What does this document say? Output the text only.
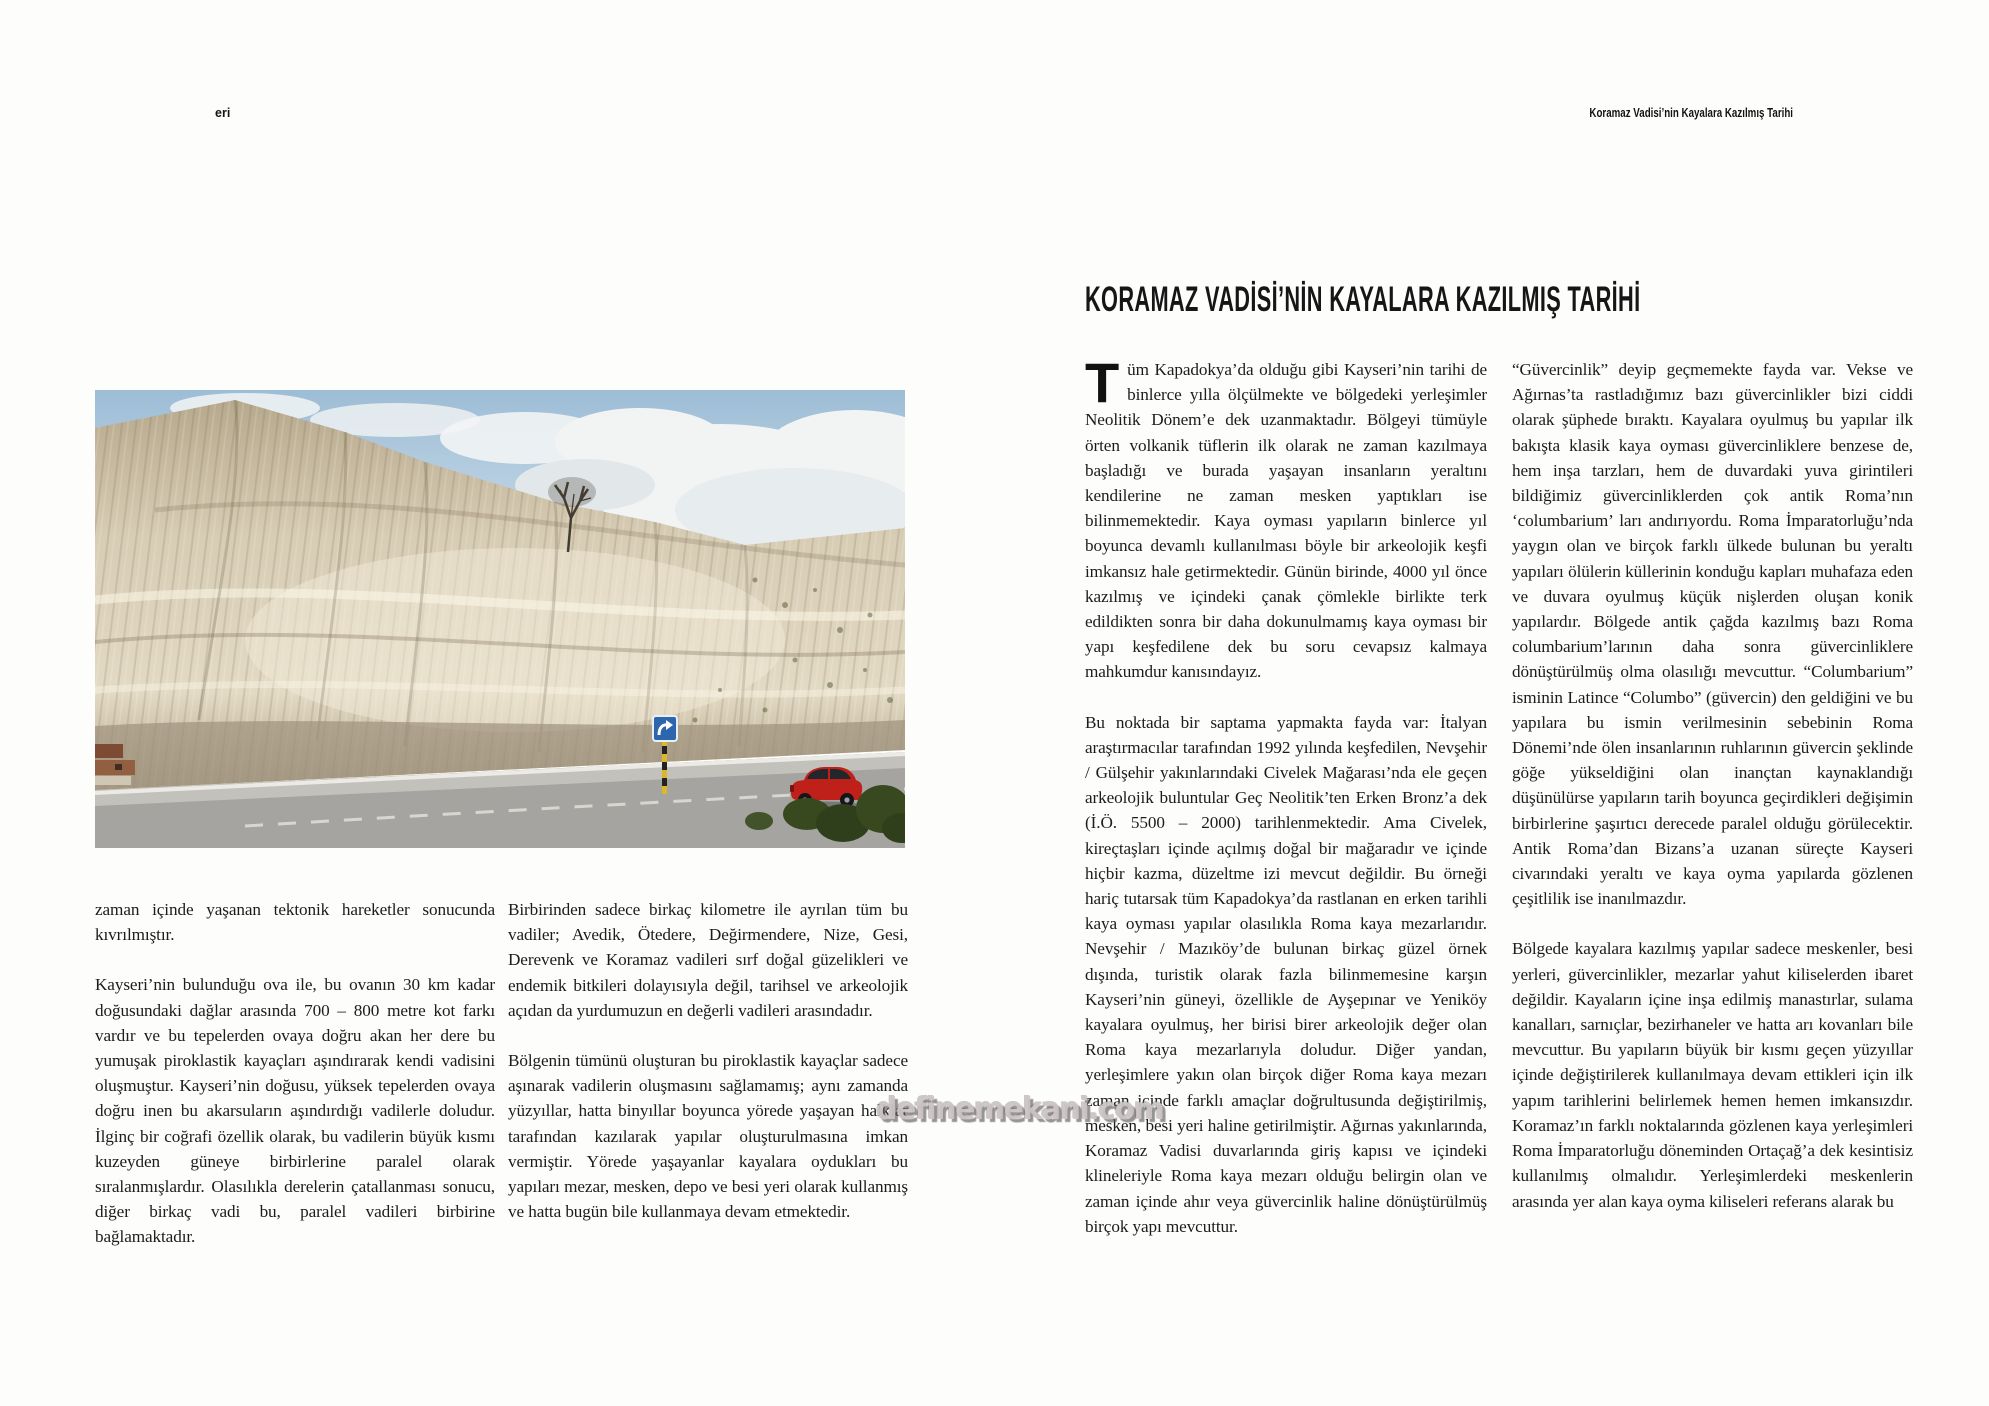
eri	Koramaz Vadisi’nin Kayalara Kazılmış Tarihi

zaman içinde yaşanan tektonik hareketler sonucunda kıvrılmıştır.

Kayseri’nin bulunduğu ova ile, bu ovanın 30 km kadar doğusundaki dağlar arasında 700 – 800 metre kot farkı vardır ve bu tepelerden ovaya doğru akan her dere bu yumuşak piroklastik kayaçları aşındırarak kendi vadisini oluşmuştur. Kayseri’nin doğusu, yüksek tepelerden ovaya doğru inen bu akarsuların aşındırdığı vadilerle doludur. İlginç bir coğrafi özellik olarak, bu vadilerin büyük kısmı kuzeyden güneye birbirlerine paralel olarak sıralanmışlardır. Olasılıkla derelerin çatallanması sonucu, diğer birkaç vadi bu, paralel vadileri birbirine bağlamaktadır.

Birbirinden sadece birkaç kilometre ile ayrılan tüm bu vadiler; Avedik, Ötedere, Değirmendere, Nize, Gesi, Derevenk ve Koramaz vadileri sırf doğal güzelikleri ve endemik bitkileri dolayısıyla değil, tarihsel ve arkeolojik açıdan da yurdumuzun en değerli vadileri arasındadır.

Bölgenin tümünü oluşturan bu piroklastik kayaçlar sadece aşınarak vadilerin oluşmasını sağlamamış; aynı zamanda yüzyıllar, hatta binyıllar boyunca yörede yaşayan halklar tarafından kazılarak yapılar oluşturulmasına imkan vermiştir. Yörede yaşayanlar kayalara oydukları bu yapıları mezar, mesken, depo ve besi yeri olarak kullanmış ve hatta bugün bile kullanmaya devam etmektedir.

KORAMAZ VADİSİ’NİN KAYALARA KAZILMIŞ TARİHİ

Tüm Kapadokya’da olduğu gibi Kayseri’nin tarihi de binlerce yılla ölçülmekte ve bölgedeki yerleşimler Neolitik Dönem’e dek uzanmaktadır. Bölgeyi tümüyle örten volkanik tüflerin ilk olarak ne zaman kazılmaya başladığı ve burada yaşayan insanların yeraltını kendilerine ne zaman mesken yaptıkları ise bilinmemektedir. Kaya oyması yapıların binlerce yıl boyunca devamlı kullanılması böyle bir arkeolojik keşfi imkansız hale getirmektedir. Günün birinde, 4000 yıl önce kazılmış ve içindeki çanak çömlekle birlikte terk edildikten sonra bir daha dokunulmamış kaya oyması bir yapı keşfedilene dek bu soru cevapsız kalmaya mahkumdur kanısındayız.

Bu noktada bir saptama yapmakta fayda var: İtalyan araştırmacılar tarafından 1992 yılında keşfedilen, Nevşehir / Gülşehir yakınlarındaki Civelek Mağarası’nda ele geçen arkeolojik buluntular Geç Neolitik’ten Erken Bronz’a dek (İ.Ö. 5500 – 2000) tarihlenmektedir. Ama Civelek, kireçtaşları içinde açılmış doğal bir mağaradır ve içinde hiçbir kazma, düzeltme izi mevcut değildir. Bu örneği hariç tutarsak tüm Kapadokya’da rastlanan en erken tarihli kaya oyması yapılar olasılıkla Roma kaya mezarlarıdır. Nevşehir / Mazıköy’de bulunan birkaç güzel örnek dışında, turistik olarak fazla bilinmemesine karşın Kayseri’nin güneyi, özellikle de Ayşepınar ve Yeniköy kayalara oyulmuş, her birisi birer arkeolojik değer olan Roma kaya mezarlarıyla doludur. Diğer yandan, yerleşimlere yakın olan birçok diğer Roma kaya mezarı zaman içinde farklı amaçlar doğrultusunda değiştirilmiş, mesken, besi yeri haline getirilmiştir. Ağırnas yakınlarında, Koramaz Vadisi duvarlarında giriş kapısı ve içindeki klineleriyle Roma kaya mezarı olduğu belirgin olan ve zaman içinde ahır veya güvercinlik haline dönüştürülmüş birçok yapı mevcuttur.

“Güvercinlik” deyip geçmemekte fayda var. Vekse ve Ağırnas’ta rastladığımız bazı güvercinlikler bizi ciddi olarak şüphede bıraktı. Kayalara oyulmuş bu yapılar ilk bakışta klasik kaya oyması güvercinliklere benzese de, hem inşa tarzları, hem de duvardaki yuva girintileri bildiğimiz güvercinliklerden çok antik Roma’nın ‘columbarium’ ları andırıyordu. Roma İmparatorluğu’nda yaygın olan ve birçok farklı ülkede bulunan bu yeraltı yapıları ölülerin küllerinin konduğu kapları muhafaza eden ve duvara oyulmuş küçük nişlerden oluşan konik yapılardır. Bölgede antik çağda kazılmış bazı Roma columbarium’larının daha sonra güvercinliklere dönüştürülmüş olma olasılığı mevcuttur. “Columbarium” isminin Latince “Columbo” (güvercin) den geldiğini ve bu yapılara bu ismin verilmesinin sebebinin Roma Dönemi’nde ölen insanlarının ruhlarının güvercin şeklinde göğe yükseldiğini olan inançtan kaynaklandığı düşünülürse yapıların tarih boyunca geçirdikleri değişimin birbirlerine şaşırtıcı derecede paralel olduğu görülecektir. Antik Roma’dan Bizans’a uzanan süreçte Kayseri civarındaki yeraltı ve kaya oyma yapılarda gözlenen çeşitlilik ise inanılmazdır.

Bölgede kayalara kazılmış yapılar sadece meskenler, besi yerleri, güvercinlikler, mezarlar yahut kiliselerden ibaret değildir. Kayaların içine inşa edilmiş manastırlar, sulama kanalları, sarnıçlar, bezirhaneler ve hatta arı kovanları bile mevcuttur. Bu yapıların büyük bir kısmı geçen yüzyıllar içinde değiştirilerek kullanılmaya devam ettikleri için ilk yapım tarihlerini belirlemek hemen hemen imkansızdır. Koramaz’ın farklı noktalarında gözlenen kaya yerleşimleri Roma İmparatorluğu döneminden Ortaçağ’a dek kesintisiz kullanılmış olmalıdır. Yerleşimlerdeki meskenlerin arasında yer alan kaya oyma kiliseleri referans alarak bu

definemekani.com
